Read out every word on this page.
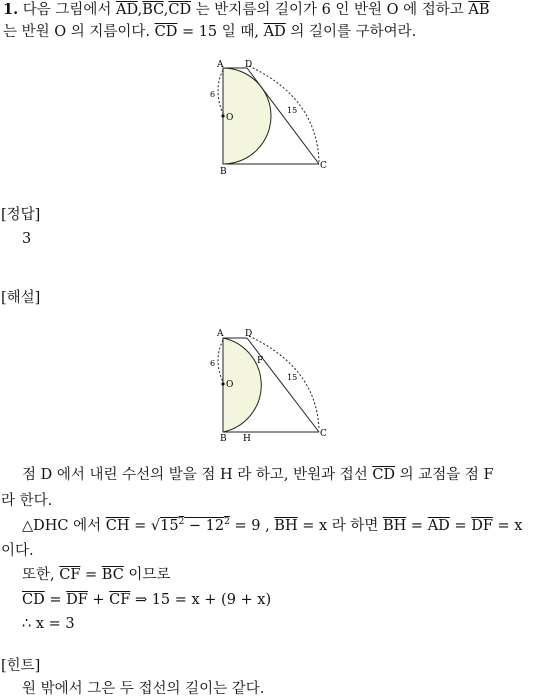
1. 다음 그림에서 $\overline{AD},\overline{BC},\overline{CD}$ 는 반지름의 길이가 6 인 반원 O 에 접하고 $\overline{AB}$
는 반원 O 의 지름이다. $\overline{CD} = 15$ 일 때, $\overline{AD}$ 의 길이를 구하여라.
A D
O
B
C
6
15
[정답]
3
[해설]
A D
O
B H	C
F
6
15
점 D 에서 내린 수선의 발을 점 H 라 하고, 반원과 접선 $\overline{CD}$ 의 교점을 점 F
라 한다.
△DHC 에서 $\overline{CH} = √15^2 - 12^2 = 9$ , $\overline{BH} = x$ 라 하면 $\overline{BH} = \overline{AD} = \overline{DF} = x$
이다.
또한, $\overline{CF} = \overline{BC}$ 이므로
$\overline{CD} = \overline{DF} + \overline{CF}$ ⇒ 15 = x + (9 + x)
∴ x = 3
[힌트]
원 밖에서 그은 두 접선의 길이는 같다.
